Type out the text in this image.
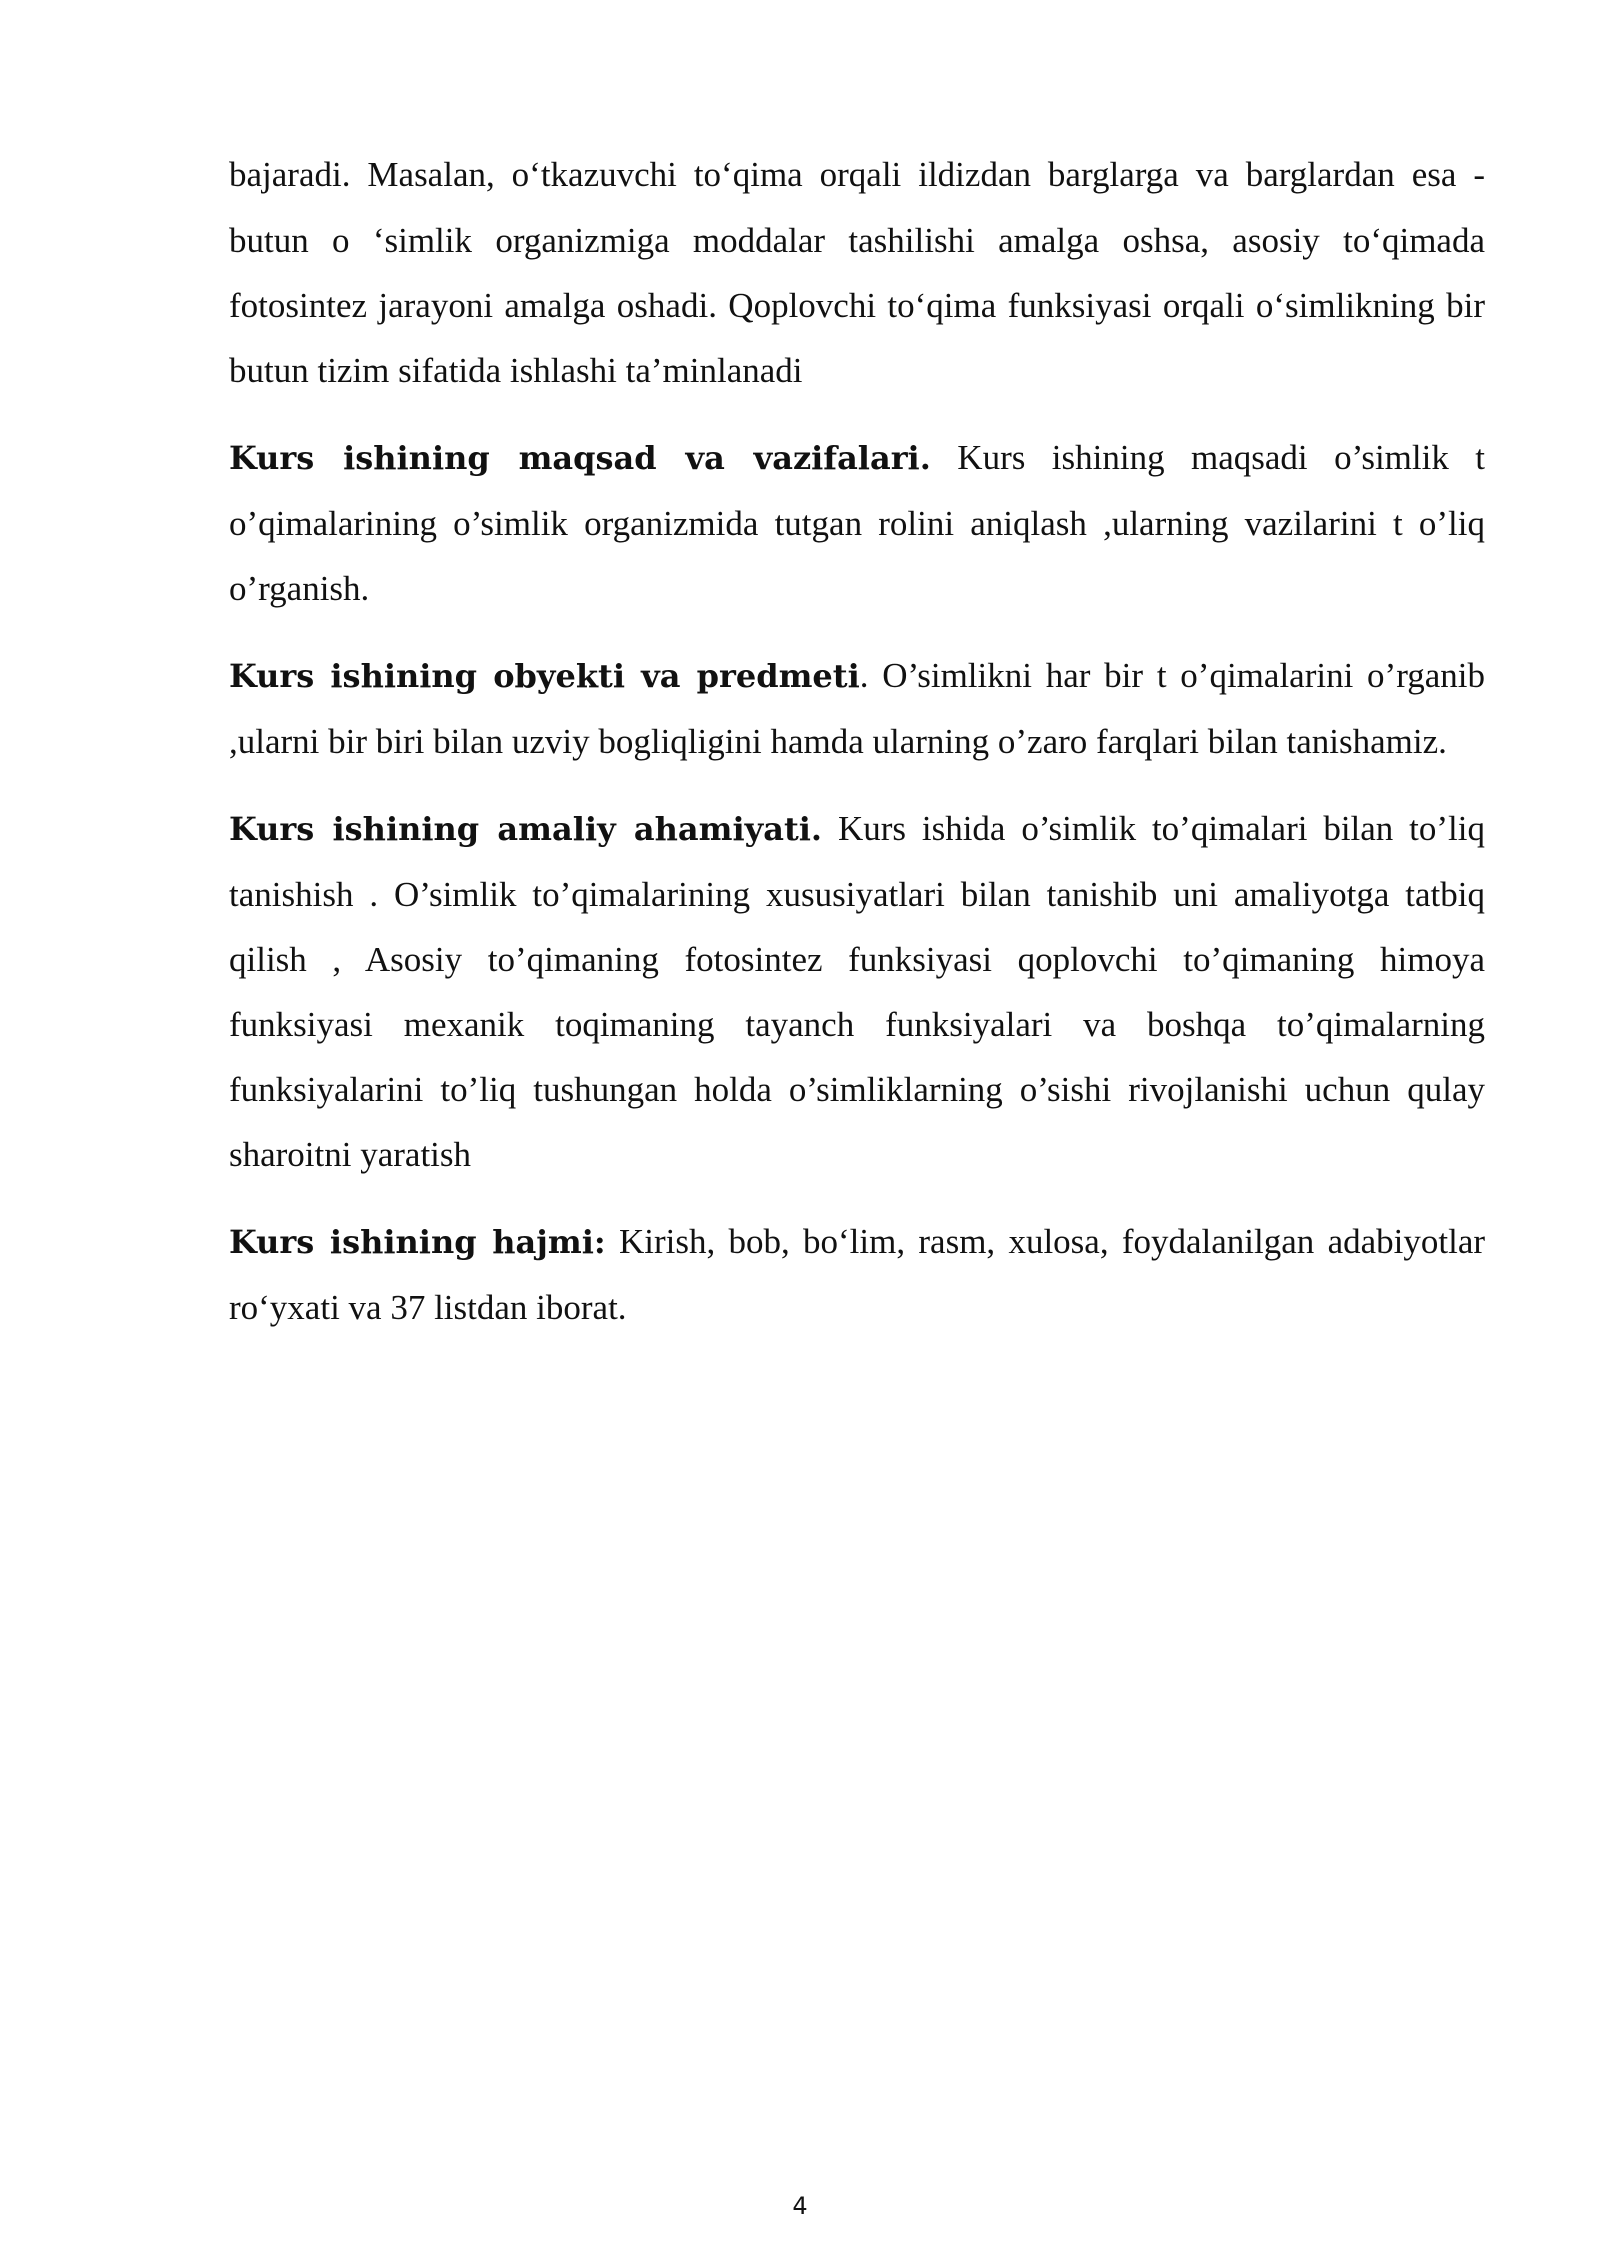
bajaradi. Masalan, o‘tkazuvchi to‘qima orqali ildizdan barglarga va barglardan esa - butun o ‘simlik organizmiga moddalar tashilishi amalga oshsa, asosiy to‘qimada fotosintez jarayoni amalga oshadi. Qoplovchi to‘qima funksiyasi orqali o‘simlikning bir butun tizim sifatida ishlashi ta’minlanadi

Kurs ishining maqsad va vazifalari. Kurs ishining maqsadi o’simlik t o’qimalarining o’simlik organizmida tutgan rolini aniqlash ,ularning vazilarini t o’liq o’rganish.

Kurs ishining obyekti va predmeti. O’simlikni har bir t o’qimalarini o’rganib ,ularni bir biri bilan uzviy bogliqligini hamda ularning o’zaro farqlari bilan tanishamiz.

Kurs ishining amaliy ahamiyati. Kurs ishida o’simlik to’qimalari bilan to’liq tanishish . O’simlik to’qimalarining xususiyatlari bilan tanishib uni amaliyotga tatbiq qilish , Asosiy to’qimaning fotosintez funksiyasi qoplovchi to’qimaning himoya funksiyasi mexanik toqimaning tayanch funksiyalari va boshqa to’qimalarning funksiyalarini to’liq tushungan holda o’simliklarning o’sishi rivojlanishi uchun qulay sharoitni yaratish

Kurs ishining hajmi: Kirish, bob, bo‘lim, rasm, xulosa, foydalanilgan adabiyotlar ro‘yxati va 37 listdan iborat.

4
